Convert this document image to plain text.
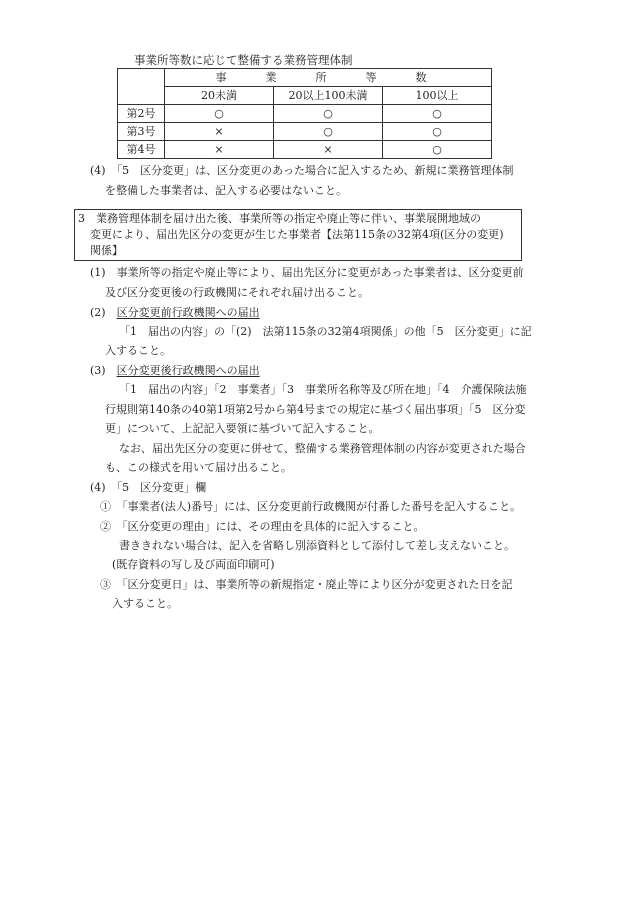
事業所等数に応じて整備する業務管理体制
	事　業　所　等　数		
	20未満	20以上100未満	100以上
第2号	○	○	○
第3号	×	○	○
第4号	×	×	○
(4)　「5　区分変更」は、区分変更のあった場合に記入するため、新規に業務管理体制
を整備した事業者は、記入する必要はないこと。
3　業務管理体制を届け出た後、事業所等の指定や廃止等に伴い、事業展開地域の
変更により、届出先区分の変更が生じた事業者【法第115条の32第4項(区分の変更)
関係】
(1)　事業所等の指定や廃止等により、届出先区分に変更があった事業者は、区分変更前
及び区分変更後の行政機関にそれぞれ届け出ること。
(2)　区分変更前行政機関への届出
「1　届出の内容」の「(2)　法第115条の32第4項関係」の他「5　区分変更」に記
入すること。
(3)　区分変更後行政機関への届出
「1　届出の内容」「2　事業者」「3　事業所名称等及び所在地」「4　介護保険法施
行規則第140条の40第1項第2号から第4号までの規定に基づく届出事項」「5　区分変
更」について、上記記入要領に基づいて記入すること。
なお、届出先区分の変更に併せて、整備する業務管理体制の内容が変更された場合
も、この様式を用いて届け出ること。
(4)　「5　区分変更」欄
①　「事業者(法人)番号」には、区分変更前行政機関が付番した番号を記入すること。
②　「区分変更の理由」には、その理由を具体的に記入すること。
書ききれない場合は、記入を省略し別添資料として添付して差し支えないこと。
(既存資料の写し及び両面印刷可)
③　「区分変更日」は、事業所等の新規指定・廃止等により区分が変更された日を記
入すること。
